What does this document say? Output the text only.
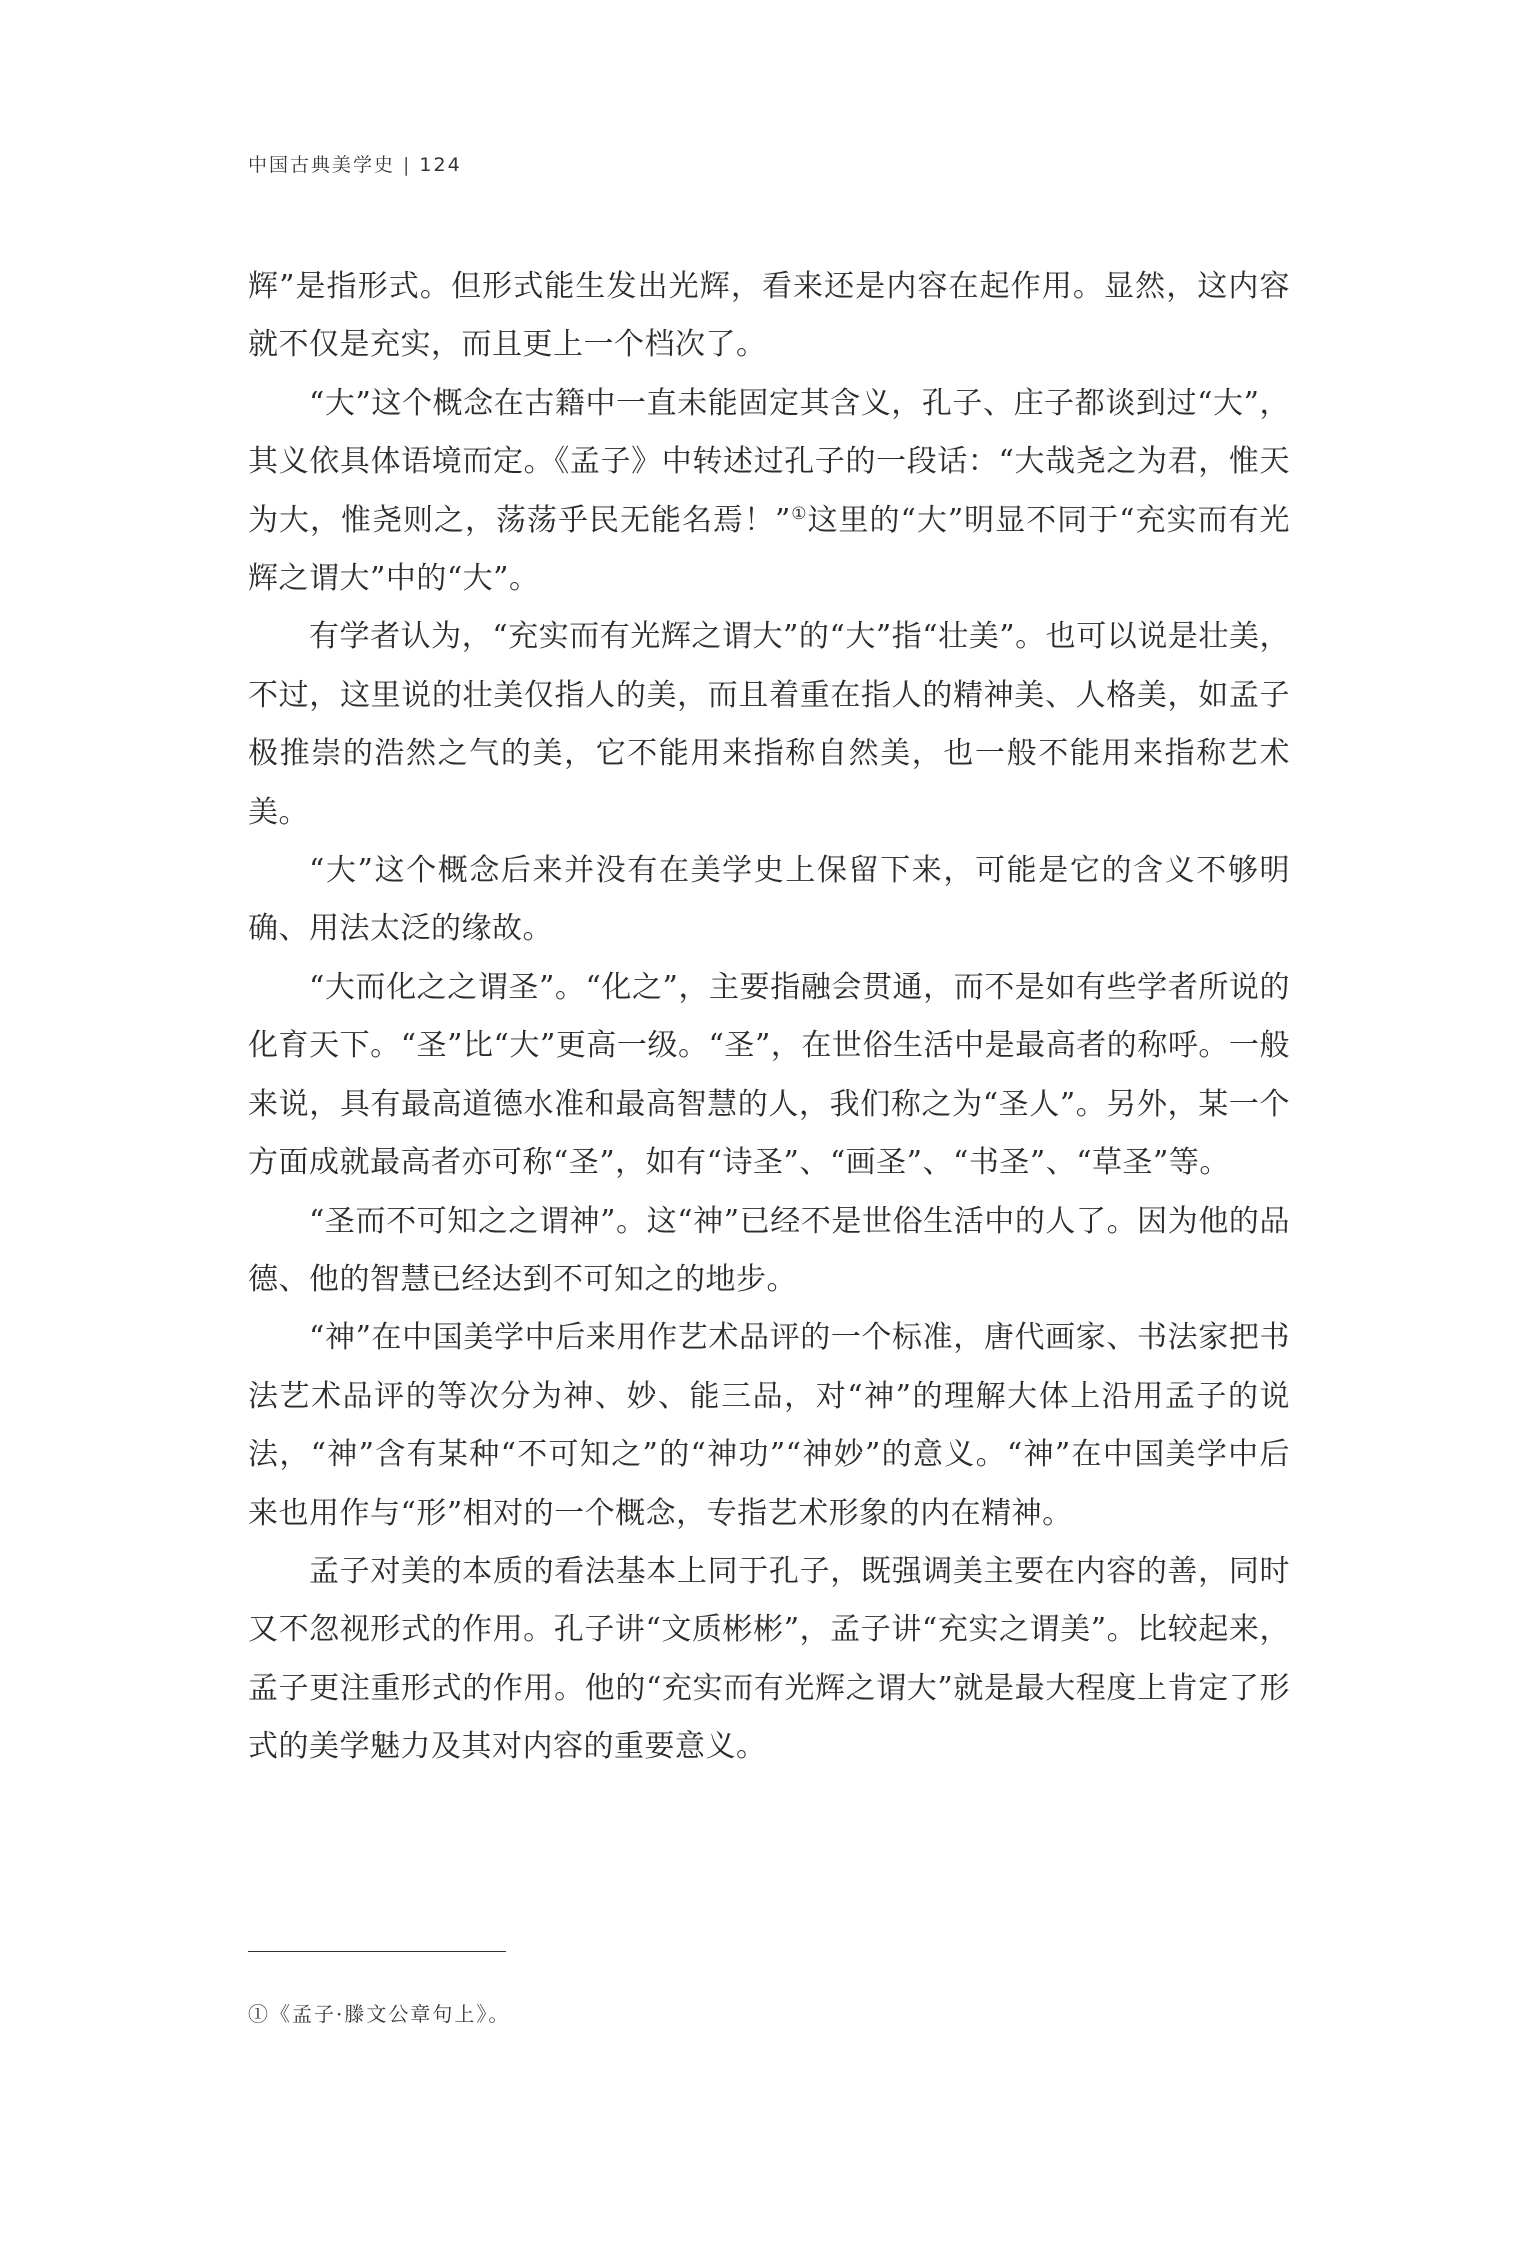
中国古典美学史 | 124

辉”是指形式。但形式能生发出光辉，看来还是内容在起作用。显然，这内容就不仅是充实，而且更上一个档次了。

“大”这个概念在古籍中一直未能固定其含义，孔子、庄子都谈到过“大”，其义依具体语境而定。《孟子》中转述过孔子的一段话：“大哉尧之为君，惟天为大，惟尧则之，荡荡乎民无能名焉！”①这里的“大”明显不同于“充实而有光辉之谓大”中的“大”。

有学者认为，“充实而有光辉之谓大”的“大”指“壮美”。也可以说是壮美，不过，这里说的壮美仅指人的美，而且着重在指人的精神美、人格美，如孟子极推崇的浩然之气的美，它不能用来指称自然美，也一般不能用来指称艺术美。

“大”这个概念后来并没有在美学史上保留下来，可能是它的含义不够明确、用法太泛的缘故。

“大而化之之谓圣”。“化之”，主要指融会贯通，而不是如有些学者所说的化育天下。“圣”比“大”更高一级。“圣”，在世俗生活中是最高者的称呼。一般来说，具有最高道德水准和最高智慧的人，我们称之为“圣人”。另外，某一个方面成就最高者亦可称“圣”，如有“诗圣”、“画圣”、“书圣”、“草圣”等。

“圣而不可知之之谓神”。这“神”已经不是世俗生活中的人了。因为他的品德、他的智慧已经达到不可知之的地步。

“神”在中国美学中后来用作艺术品评的一个标准，唐代画家、书法家把书法艺术品评的等次分为神、妙、能三品，对“神”的理解大体上沿用孟子的说法，“神”含有某种“不可知之”的“神功”“神妙”的意义。“神”在中国美学中后来也用作与“形”相对的一个概念，专指艺术形象的内在精神。

孟子对美的本质的看法基本上同于孔子，既强调美主要在内容的善，同时又不忽视形式的作用。孔子讲“文质彬彬”，孟子讲“充实之谓美”。比较起来，孟子更注重形式的作用。他的“充实而有光辉之谓大”就是最大程度上肯定了形式的美学魅力及其对内容的重要意义。

①《孟子·滕文公章句上》。
